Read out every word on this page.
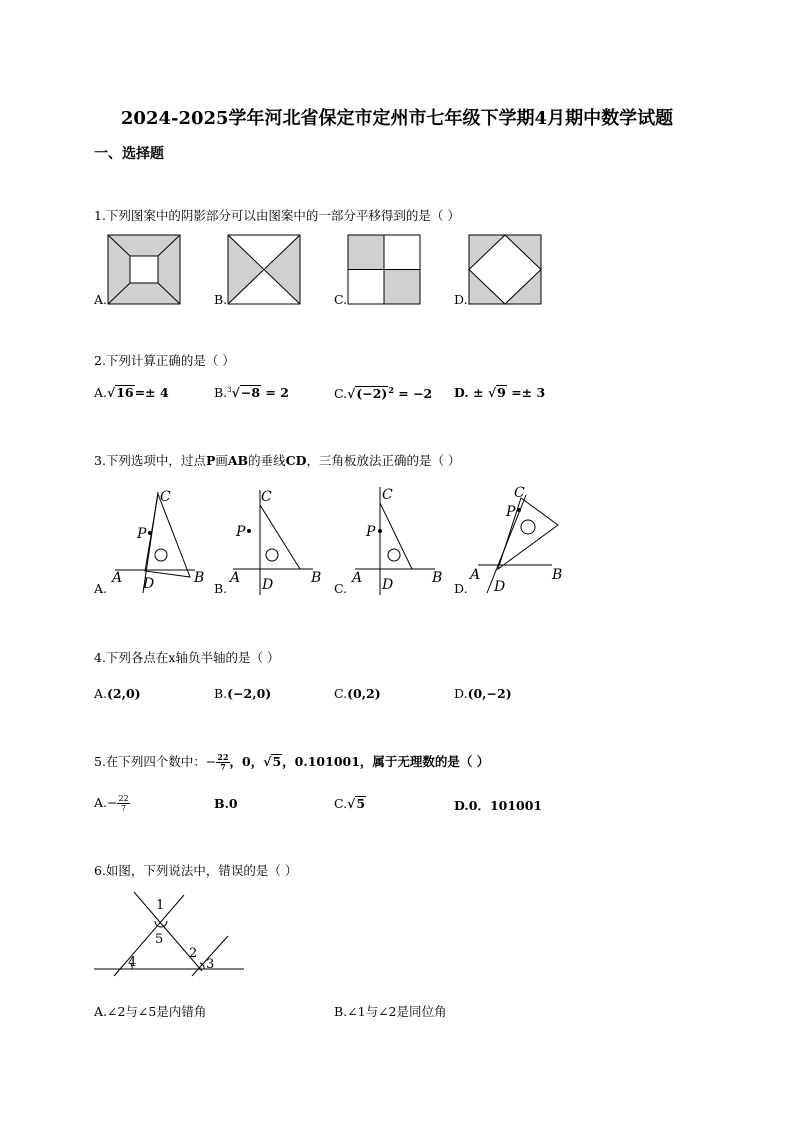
2024-2025学年河北省保定市定州市七年级下学期4月期中数学试题
一、选择题
1.下列图案中的阴影部分可以由图案中的一部分平移得到的是（ ）
A.	B.	C.	D.
2.下列计算正确的是（ ）
A.√16=± 4	B.$^3$√−8 = 2	$C.√(-2)^2 = -2$ D. ± √9 =± 3
3.下列选项中，过点P画AB的垂线CD，三角板放法正确的是（ ）
C
P
A D	B
A.
C
P
A D	B
B.
C
P
A D	B
C.
C
P
A
D
B
D.
4.下列各点在x轴负半轴的是（ ）
A.(2,0)	B.(−2,0)	C.(0,2)	D.(0,−2)
5.在下列四个数中：− $\frac{22}{7}$ ，0，√5，0.101001，属于无理数的是（ ）
$A.- \frac{22}{7}$	B.0	C.√5	D.0．101001
6.如图，下列说法中，错误的是（ ）
1
2
3
4
5
A.∠2与∠5是内错角	B.∠1与∠2是同位角
